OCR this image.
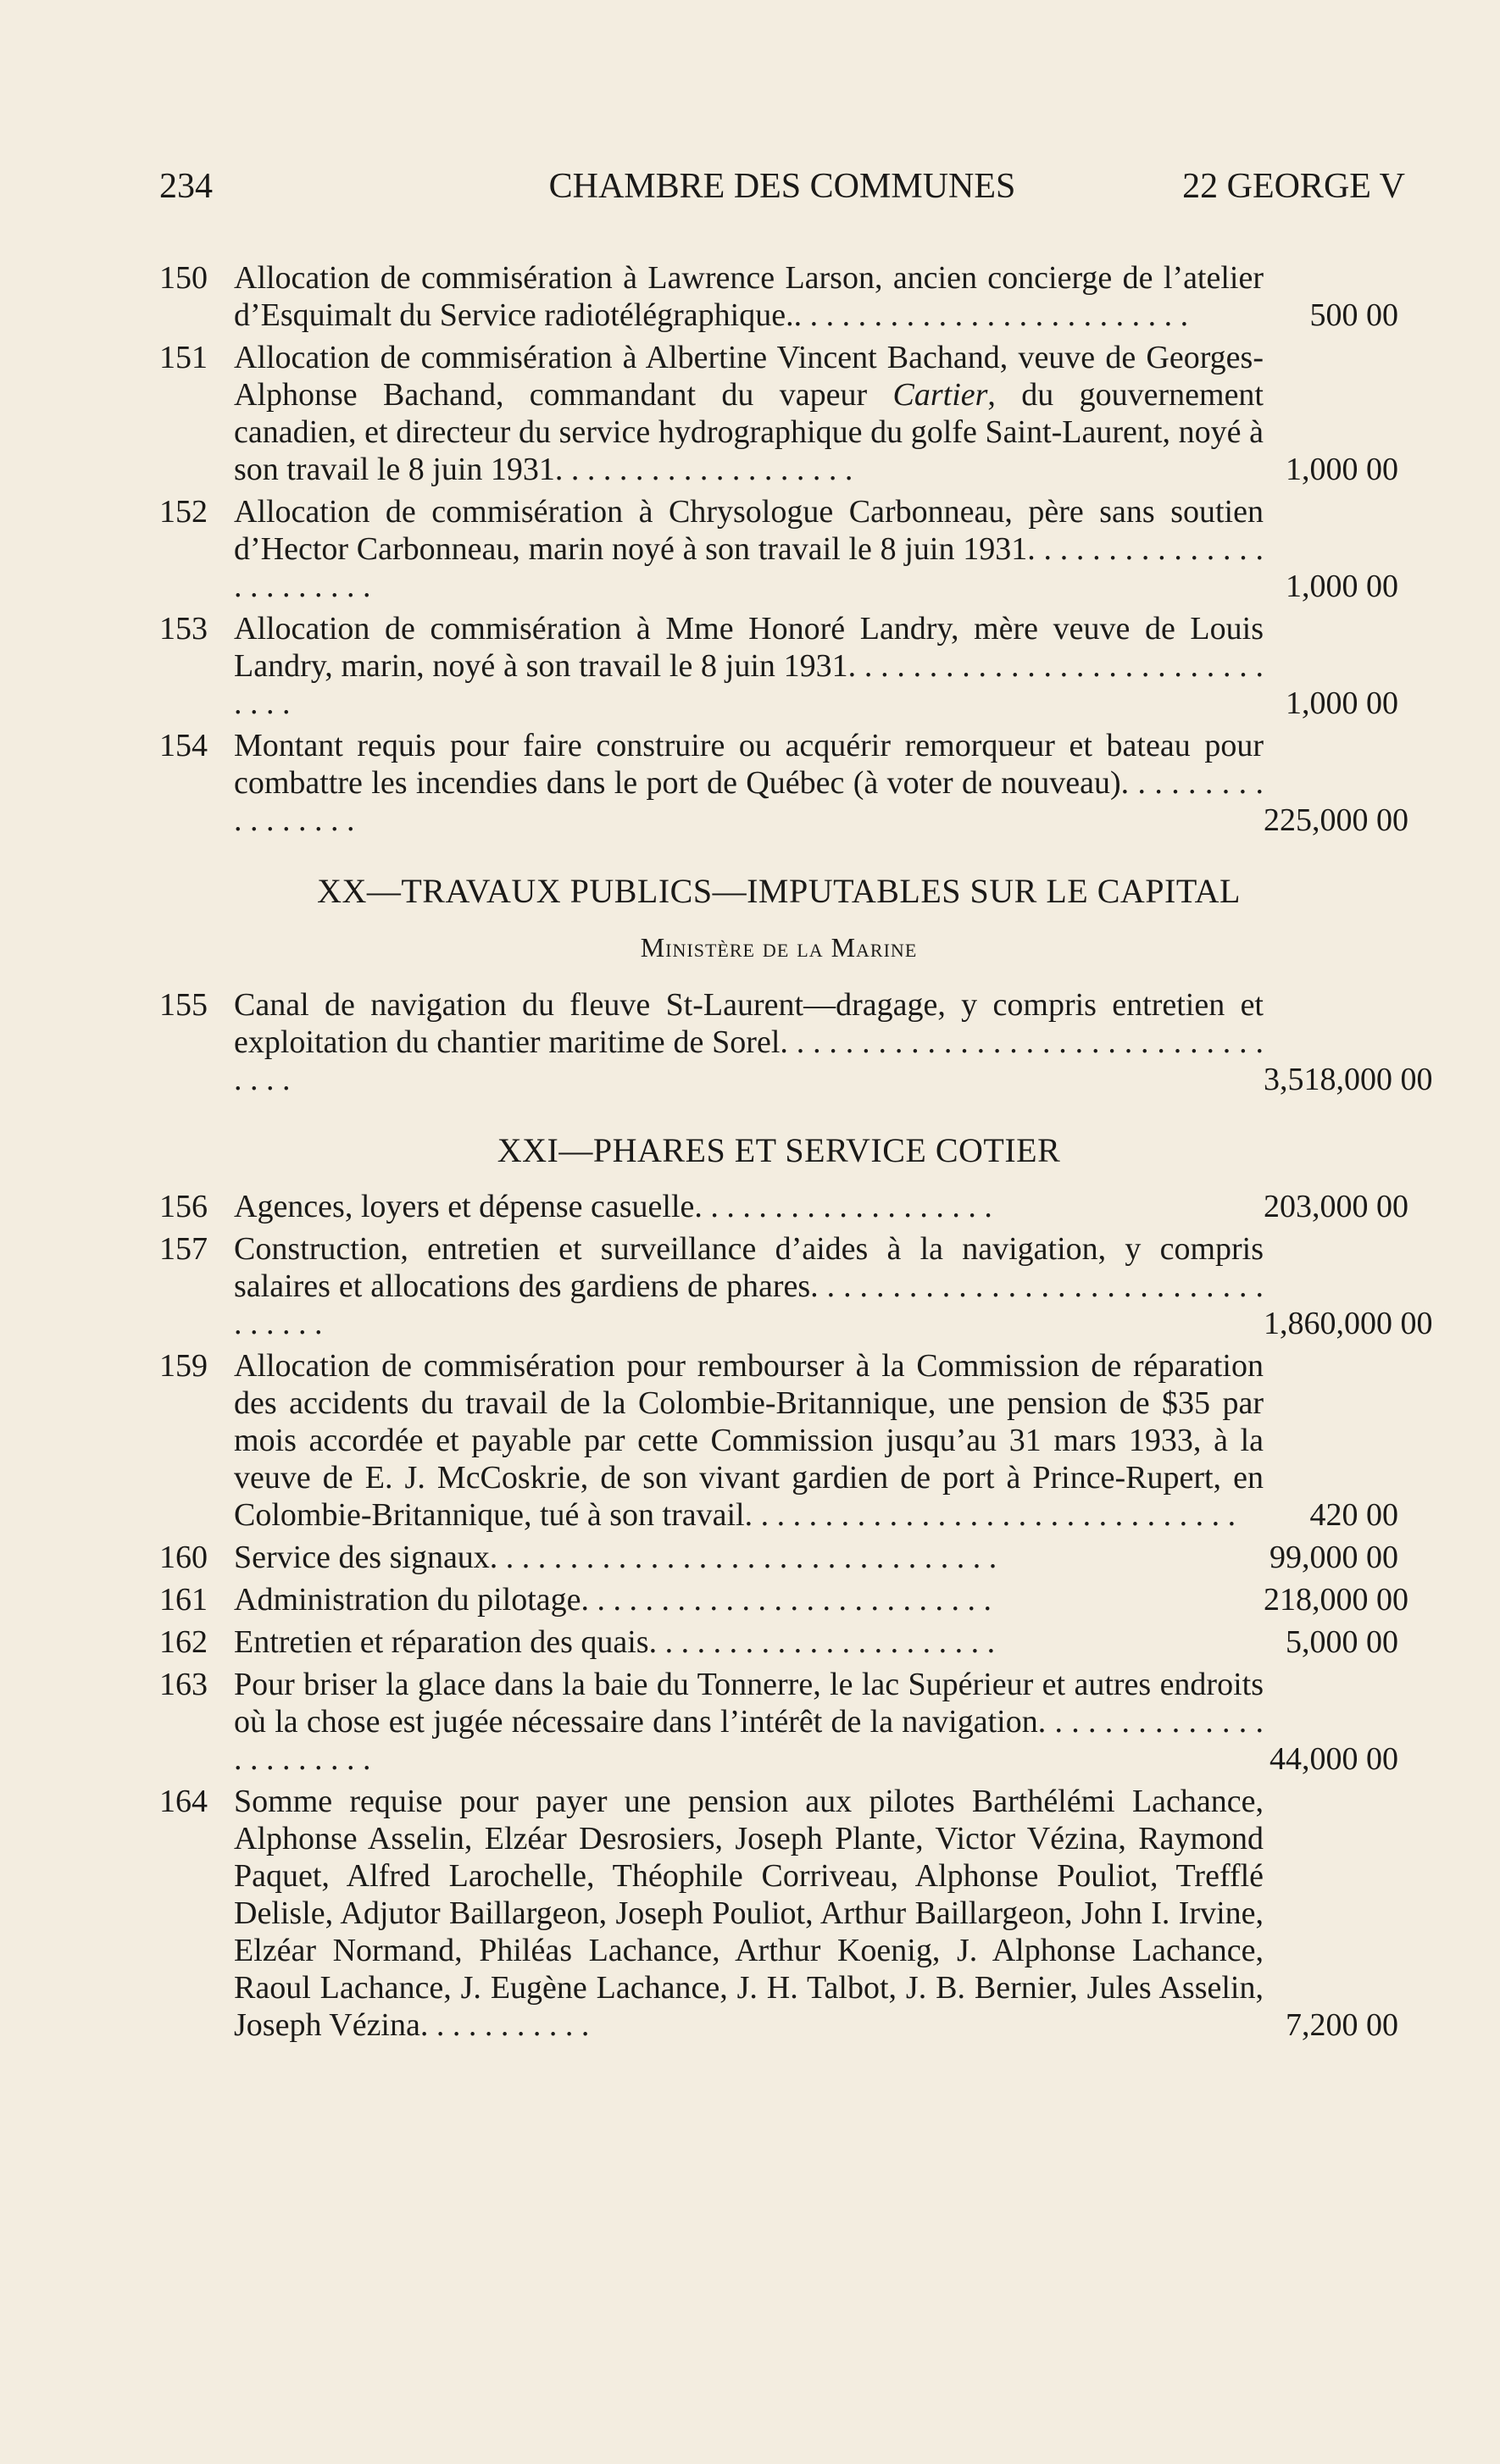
234	CHAMBRE DES COMMUNES	22 GEORGE V
150 Allocation de commisération à Lawrence Larson, ancien concierge de l’atelier d’Esquimalt du Service radiotélégraphique.. . . . . . . . . . . . . . . . . . . . . . . . .	500 00
151 Allocation de commisération à Albertine Vincent Bachand, veuve de Georges-Alphonse Bachand, commandant du vapeur Cartier, du gouvernement canadien, et directeur du service hydrographique du golfe Saint-Laurent, noyé à son travail le 8 juin 1931. . . . . . . . . . . . . . . . . . .	1,000 00
152 Allocation de commisération à Chrysologue Carbonneau, père sans soutien d’Hector Carbonneau, marin noyé à son travail le 8 juin 1931. . . . . . . . . . . . . . . . . . . . . . . .	1,000 00
153 Allocation de commisération à Mme Honoré Landry, mère veuve de Louis Landry, marin, noyé à son travail le 8 juin 1931. . . . . . . . . . . . . . . . . . . . . . . . . . . . . .	1,000 00
154 Montant requis pour faire construire ou acquérir remorqueur et bateau pour combattre les incendies dans le port de Québec (à voter de nouveau). . . . . . . . . . . . . . . . .	225,000 00
XX—TRAVAUX PUBLICS—IMPUTABLES SUR LE CAPITAL
Ministère de la Marine
155 Canal de navigation du fleuve St-Laurent—dragage, y compris entretien et exploitation du chantier maritime de Sorel. . . . . . . . . . . . . . . . . . . . . . . . . . . . . . . . . .	3,518,000 00
XXI—PHARES ET SERVICE COTIER
156 Agences, loyers et dépense casuelle. . . . . . . . . . . . . . . . . . .	203,000 00
157 Construction, entretien et surveillance d’aides à la navigation, y compris salaires et allocations des gardiens de phares. . . . . . . . . . . . . . . . . . . . . . . . . . . . . . . . . .	1,860,000 00
159 Allocation de commisération pour rembourser à la Commission de réparation des accidents du travail de la Colombie-Britannique, une pension de $35 par mois accordée et payable par cette Commission jusqu’au 31 mars 1933, à la veuve de E. J. McCoskrie, de son vivant gardien de port à Prince-Rupert, en Colombie-Britannique, tué à son travail. . . . . . . . . . . . . . . . . . . . . . . . . . . . . . .	420 00
160 Service des signaux. . . . . . . . . . . . . . . . . . . . . . . . . . . . . . . .	99,000 00
161 Administration du pilotage. . . . . . . . . . . . . . . . . . . . . . . . . .	218,000 00
162 Entretien et réparation des quais. . . . . . . . . . . . . . . . . . . . . .	5,000 00
163 Pour briser la glace dans la baie du Tonnerre, le lac Supérieur et autres endroits où la chose est jugée nécessaire dans l’intérêt de la navigation. . . . . . . . . . . . . . . . . . . . . . .	44,000 00
164 Somme requise pour payer une pension aux pilotes Barthélémi Lachance, Alphonse Asselin, Elzéar Desrosiers, Joseph Plante, Victor Vézina, Raymond Paquet, Alfred Larochelle, Théophile Corriveau, Alphonse Pouliot, Trefflé Delisle, Adjutor Baillargeon, Joseph Pouliot, Arthur Baillargeon, John I. Irvine, Elzéar Normand, Philéas Lachance, Arthur Koenig, J. Alphonse Lachance, Raoul Lachance, J. Eugène Lachance, J. H. Talbot, J. B. Bernier, Jules Asselin, Joseph Vézina. . . . . . . . . . .	7,200 00
